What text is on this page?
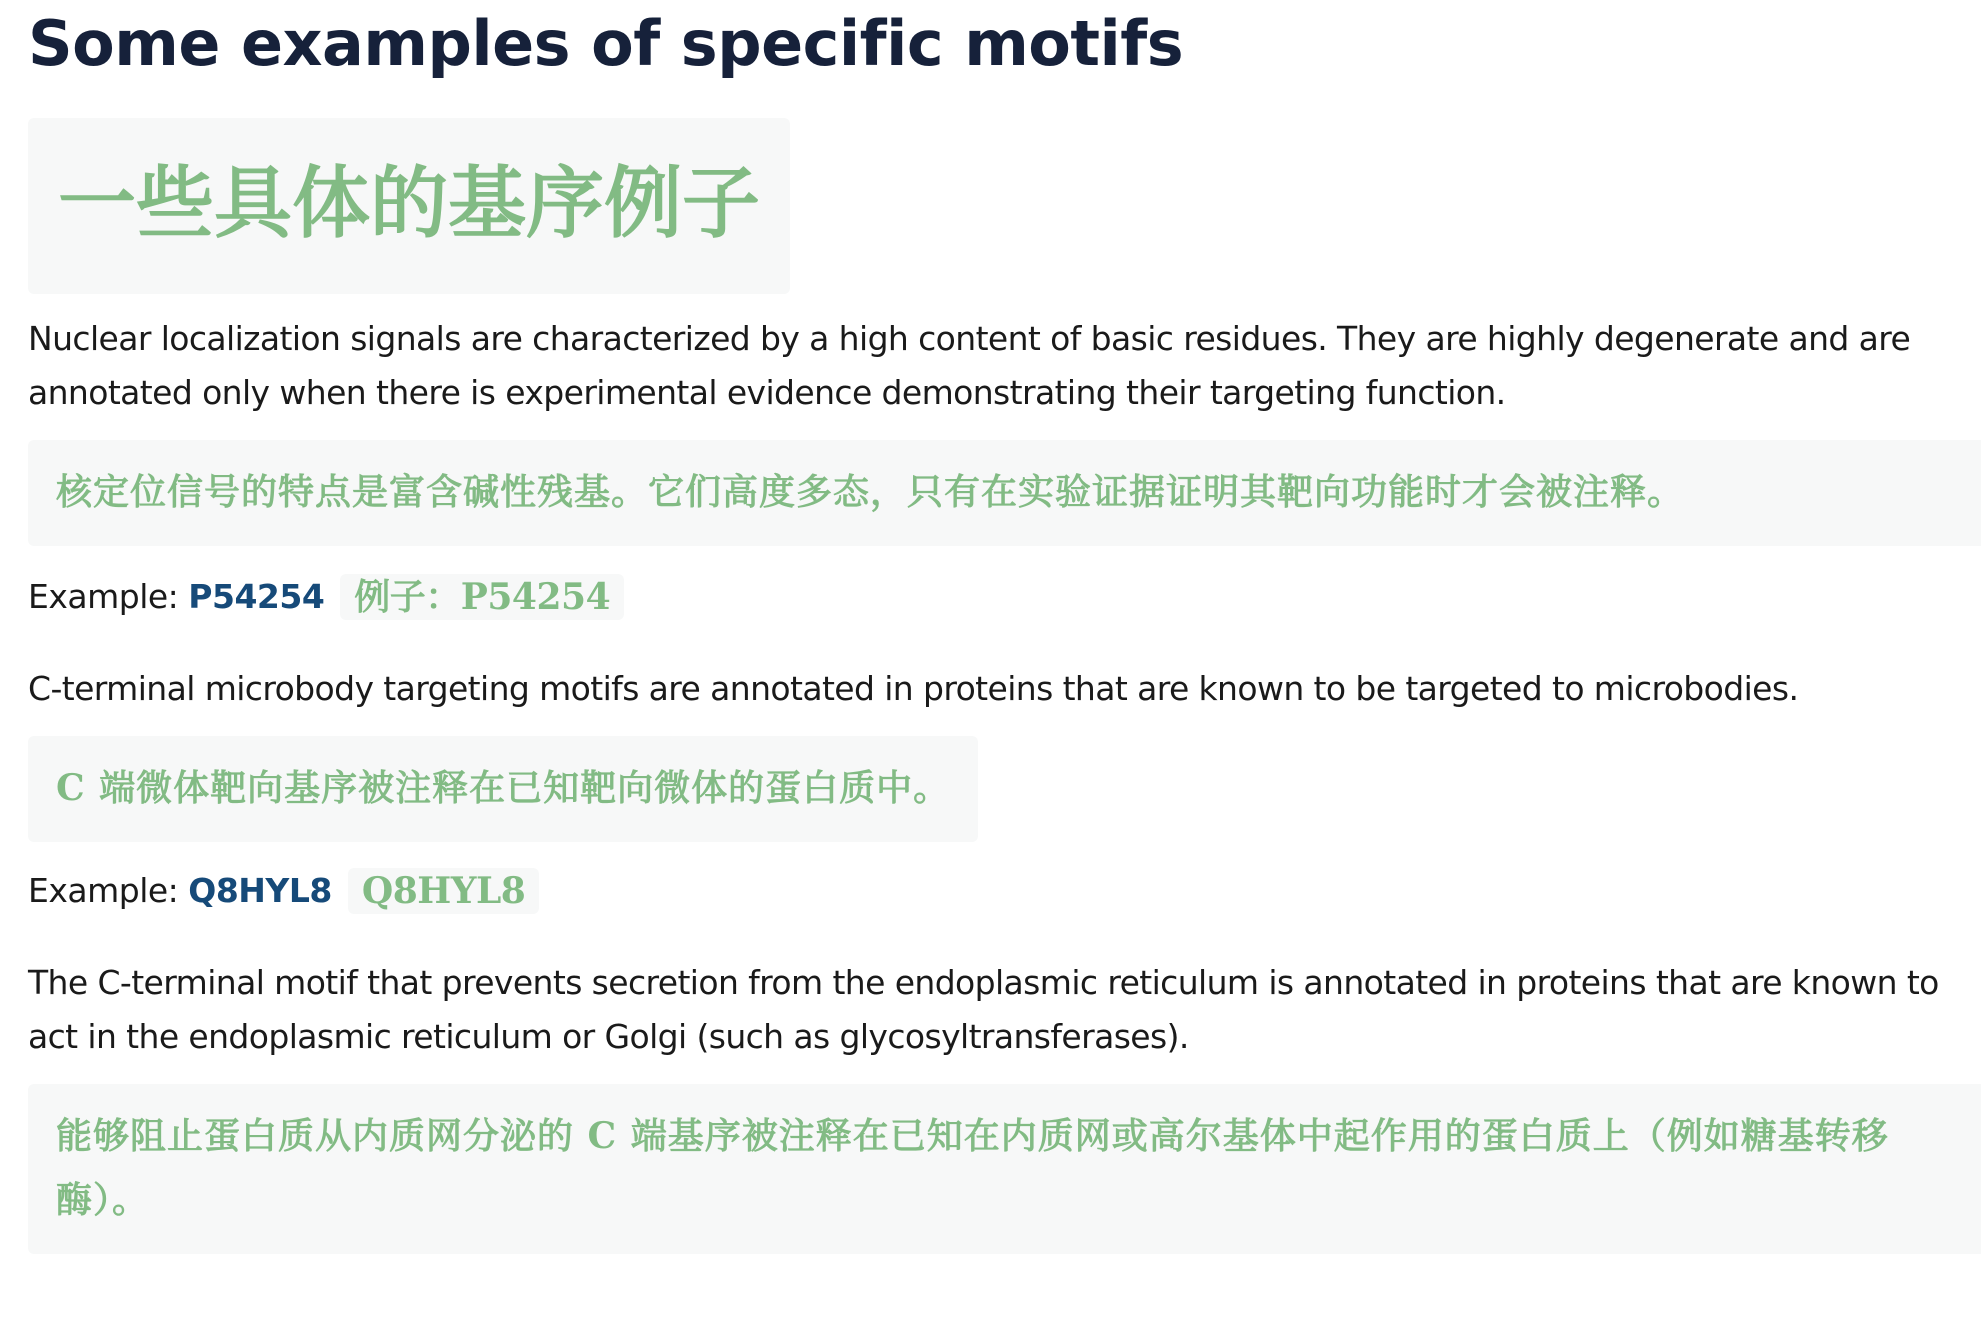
Some examples of specific motifs
一些具体的基序例子

Nuclear localization signals are characterized by a high content of basic residues. They are highly degenerate and are annotated only when there is experimental evidence demonstrating their targeting function.

核定位信号的特点是富含碱性残基。它们高度多态，只有在实验证据证明其靶向功能时才会被注释。
Example: P54254 例子：P54254

C-terminal microbody targeting motifs are annotated in proteins that are known to be targeted to microbodies.

C 端微体靶向基序被注释在已知靶向微体的蛋白质中。
Example: Q8HYL8 Q8HYL8

The C-terminal motif that prevents secretion from the endoplasmic reticulum is annotated in proteins that are known to act in the endoplasmic reticulum or Golgi (such as glycosyltransferases).

能够阻止蛋白质从内质网分泌的 C 端基序被注释在已知在内质网或高尔基体中起作用的蛋白质上（例如糖基转移酶）。
